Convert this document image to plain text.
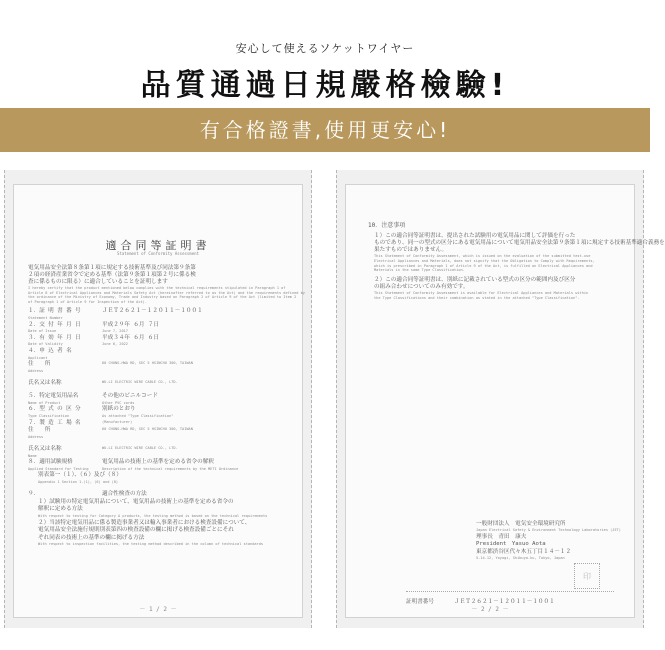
安心して使えるソケットワイヤー
品質通過日規嚴格檢驗!
有合格證書,使用更安心!
適合同等証明書
Statement of Conformity Assessment
電気用品安全法第８条第１項に規定する技術基準及び同法第９条第
２項の経済産業省令で定める基準（法第９条第１項第２号に係る検
査に係るものに限る）に適合していることを証明します
I hereby certify that the product mentioned below complies with the technical requirements stipulated in Paragraph 1 of
Article 8 of Electrical Appliances and Materials Safety Act (hereinafter referred to as the Act) and the requirements defined by
the ordinance of the Ministry of Economy, Trade and Industry based on Paragraph 2 of Article 9 of the Act (limited to Item 2
of Paragraph 1 of Article 9 for Inspection of the Act).
１．証 明 書 番 号	ＪＥＴ２６２１－１２０１１－１００１
Statement Number
２．交 付 年 月 日	平成２９年 ６月 ７日
Date of Issue	June 7, 2017
３．有 効 年 月 日	平成３４年 ６月 ６日
Date of Validity	June 6, 2022
４．申 込 者 名
Applicant
住　　所	60 CHUNG-HWA RD, SEC 5 HSINCHU 300, TAIWAN
Address
氏名又は名称	WU-LI ELECTRIC WIRE CABLE CO., LTD.
５．特定電気用品名	その他のビニルコード
Name of Product	Other PVC cords
６．型 式 の 区 分	別紙のとおり
Type Classification	As attached "Type Classification"
７．製 造 工 場 名	(Manufacturer)
住　　所	60 CHUNG-HWA RD, SEC 5 HSINCHU 300, TAIWAN
Address
氏名又は名称	WU-LI ELECTRIC WIRE CABLE CO., LTD.
Name
８．適用試験規格	電気用品の技術上の基準を定める省令の解釈
Applied Standard for Testing	Description of the technical requirements by the METI Ordinance
別表第一（１）、（６）及び（８）
Appendix 1 Section 1.(1), (6) and (8)
９．	適合性検査の方法
１）試験用の特定電気用品について、電気用品の技術上の基準を定める省令の
解釈に定める方法
With respect to testing for Category A products, the testing method is based on the technical requirements
２）当該特定電気用品に係る製造事業者又は輸入事業者における検査設備について、
電気用品安全法施行規則別表第四の検査設備の欄に掲げる検査設備ごとにそれ
ぞれ同表の技術上の基準の欄に掲げる方法
With respect to inspection facilities, the testing method described in the column of technical standards
－ 1 / 2 －
10．注意事項
１）この適合同等証明書は、提出された試験用の電気用品に関して評価を行った
ものであり、同一の型式の区分にある電気用品について電気用品安全法第９条第１項に規定する技術基準適合義務を
果たすものではありません。
This Statement of Conformity Assessment, which is issued on the evaluation of the submitted test-use
Electrical Appliances and Materials, does not signify that the Obligation to Comply with Requirements,
which is prescribed in Paragraph 1 of Article 9 of the Act, is fulfilled on Electrical Appliances and
Materials in the same Type Classification.
２）この適合同等証明書は、別紙に記載されている型式の区分の範囲内及び区分
の組み合わせについてのみ有効です。
This Statement of Conformity Assessment is available for Electrical Appliances and Materials within
the Type Classifications and their combination as stated in the attached "Type Classification".
一般財団法人　電気安全環境研究所
Japan Electrical Safety & Environment Technology Laboratories (JET)
理事長　青田　康夫
President　Yasuo Aota
東京都渋谷区代々木五丁目１４－１２
5-14-12, Yoyogi, Shibuya-ku, Tokyo, Japan
印
証明書番号	ＪＥＴ２６２１－１２０１１－１００１
－ 2 / 2 －
